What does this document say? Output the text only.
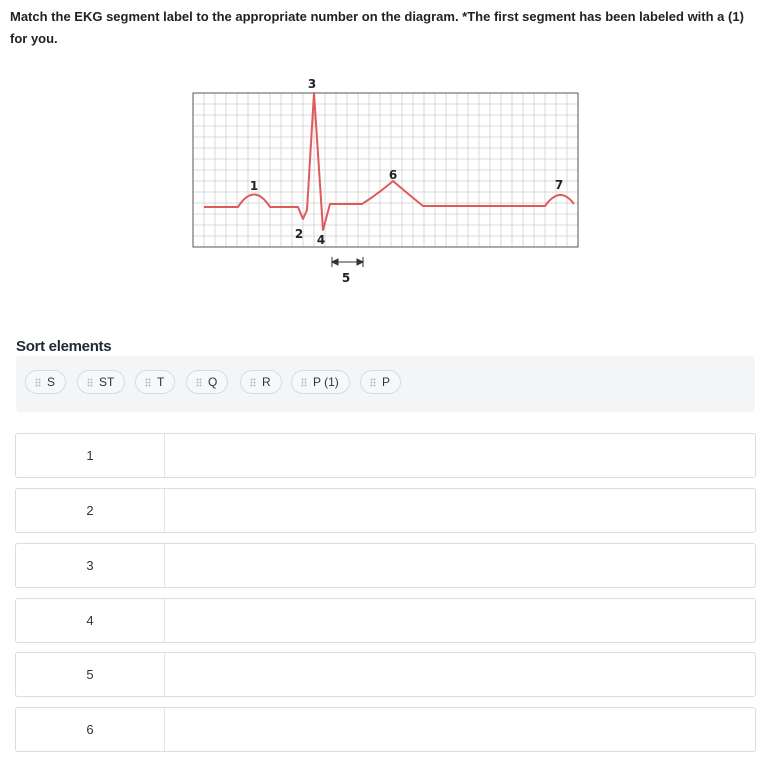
Match the EKG segment label to the appropriate number on the diagram. *The first segment has been labeled with a (1) for you.
1
2
3
4
5
6
7
Sort elements
S	ST	T	Q	R	P (1)	P
1
2
3
4
5
6
